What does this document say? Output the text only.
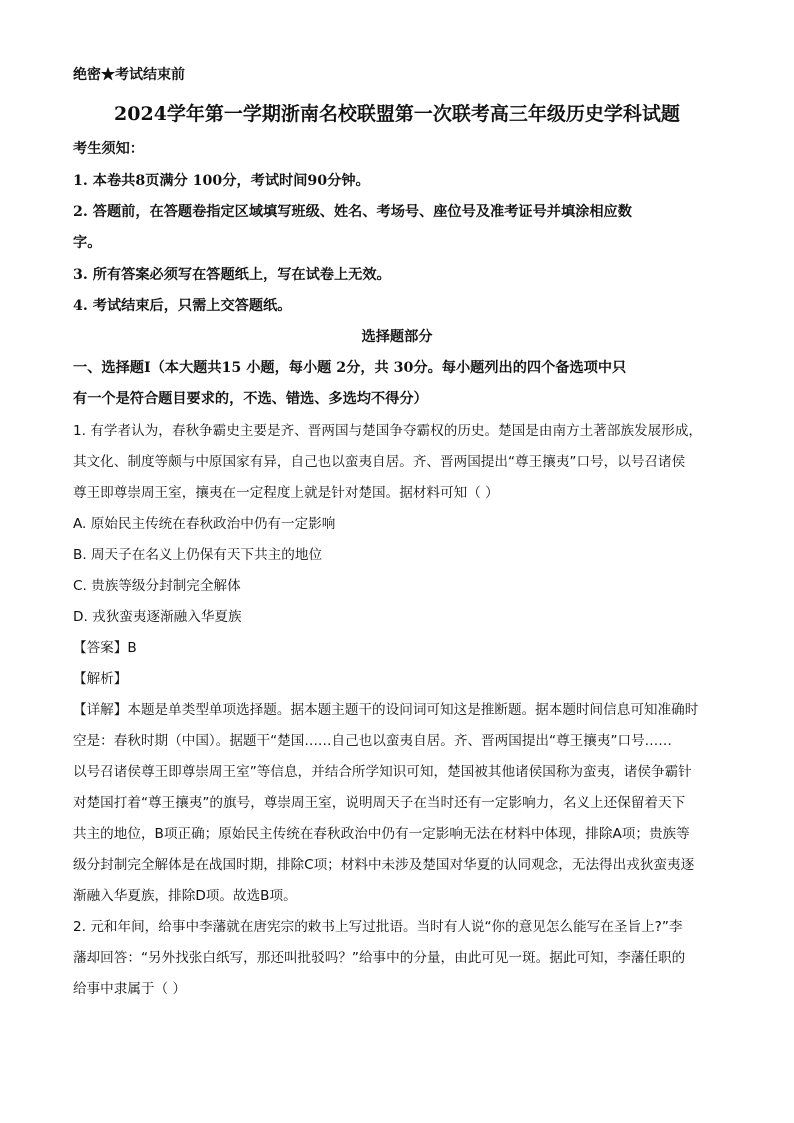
绝密★考试结束前
2024学年第一学期浙南名校联盟第一次联考高三年级历史学科试题
考生须知：
1. 本卷共8页满分 100分，考试时间90分钟。
2. 答题前，在答题卷指定区域填写班级、姓名、考场号、座位号及准考证号并填涂相应数
字。
3. 所有答案必须写在答题纸上，写在试卷上无效。
4. 考试结束后，只需上交答题纸。
选择题部分
一、选择题Ⅰ（本大题共15 小题，每小题 2分，共 30分。每小题列出的四个备选项中只
有一个是符合题目要求的，不选、错选、多选均不得分）
1. 有学者认为，春秋争霸史主要是齐、晋两国与楚国争夺霸权的历史。楚国是由南方土著部族发展形成，
其文化、制度等颇与中原国家有异，自己也以蛮夷自居。齐、晋两国提出“尊王攘夷”口号，以号召诸侯
尊王即尊崇周王室，攘夷在一定程度上就是针对楚国。据材料可知（ ）
A. 原始民主传统在春秋政治中仍有一定影响
B. 周天子在名义上仍保有天下共主的地位
C. 贵族等级分封制完全解体
D. 戎狄蛮夷逐渐融入华夏族
【答案】B
【解析】
【详解】本题是单类型单项选择题。据本题主题干的设问词可知这是推断题。据本题时间信息可知准确时
空是：春秋时期（中国）。据题干“楚国……自己也以蛮夷自居。齐、晋两国提出“尊王攘夷”口号……
以号召诸侯尊王即尊崇周王室”等信息，并结合所学知识可知，楚国被其他诸侯国称为蛮夷，诸侯争霸针
对楚国打着“尊王攘夷”的旗号，尊崇周王室，说明周天子在当时还有一定影响力，名义上还保留着天下
共主的地位，B项正确；原始民主传统在春秋政治中仍有一定影响无法在材料中体现，排除A项；贵族等
级分封制完全解体是在战国时期，排除C项；材料中未涉及楚国对华夏的认同观念，无法得出戎狄蛮夷逐
渐融入华夏族，排除D项。故选B项。
2. 元和年间，给事中李藩就在唐宪宗的敕书上写过批语。当时有人说“你的意见怎么能写在圣旨上?”李
藩却回答：“另外找张白纸写，那还叫批驳吗？”给事中的分量，由此可见一斑。据此可知，李藩任职的
给事中隶属于（ ）
